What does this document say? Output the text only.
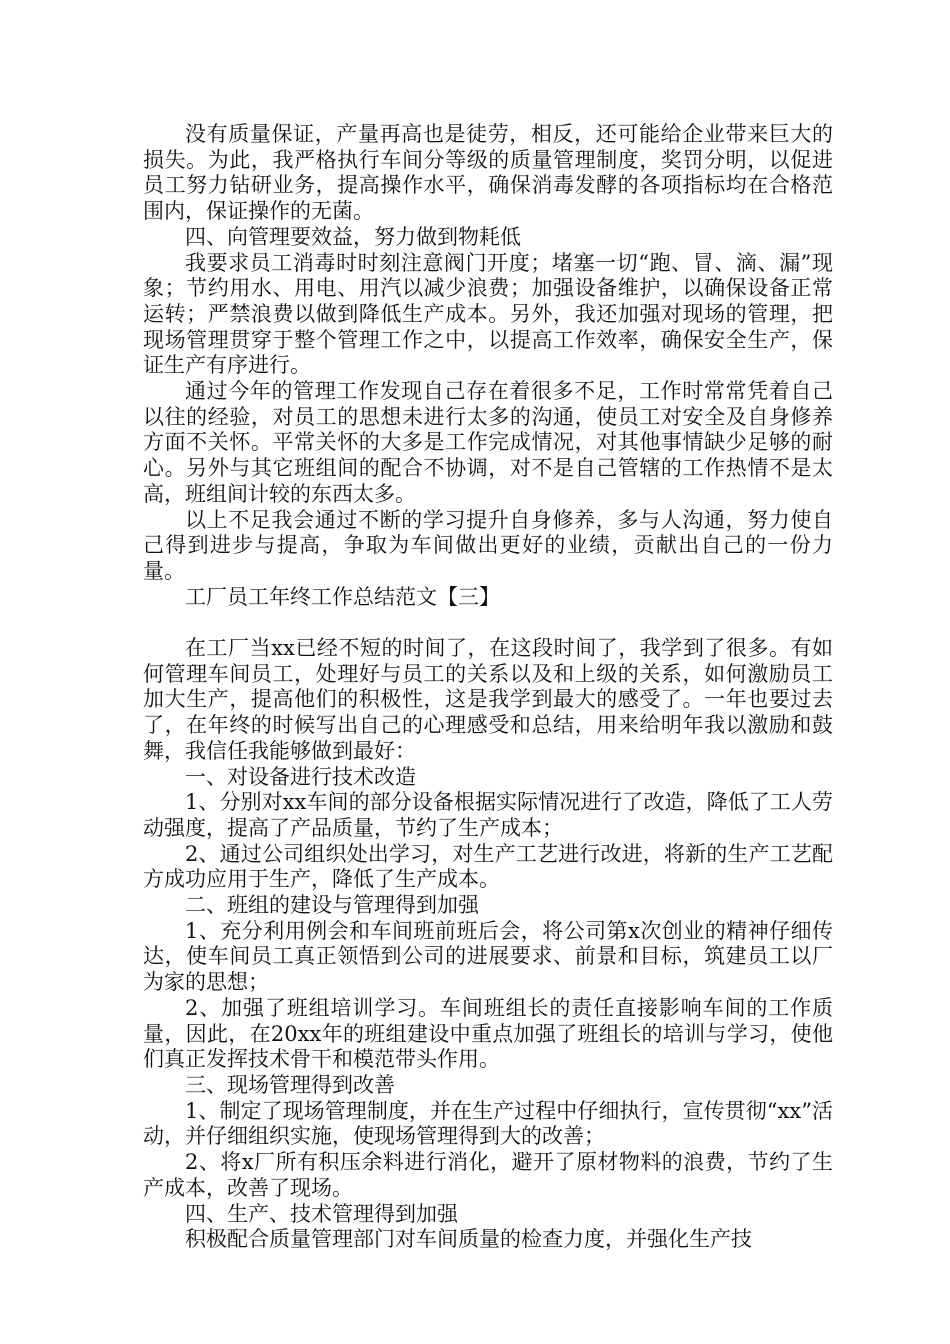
没有质量保证，产量再高也是徒劳，相反，还可能给企业带来巨大的损失。为此，我严格执行车间分等级的质量管理制度，奖罚分明，以促进员工努力钻研业务，提高操作水平，确保消毒发酵的各项指标均在合格范围内，保证操作的无菌。

四、向管理要效益，努力做到物耗低

我要求员工消毒时时刻注意阀门开度；堵塞一切“跑、冒、滴、漏”现象；节约用水、用电、用汽以减少浪费；加强设备维护，以确保设备正常运转；严禁浪费以做到降低生产成本。另外，我还加强对现场的管理，把现场管理贯穿于整个管理工作之中，以提高工作效率，确保安全生产，保证生产有序进行。

通过今年的管理工作发现自己存在着很多不足，工作时常常凭着自己以往的经验，对员工的思想未进行太多的沟通，使员工对安全及自身修养方面不关怀。平常关怀的大多是工作完成情况，对其他事情缺少足够的耐心。另外与其它班组间的配合不协调，对不是自己管辖的工作热情不是太高，班组间计较的东西太多。

以上不足我会通过不断的学习提升自身修养，多与人沟通，努力使自己得到进步与提高，争取为车间做出更好的业绩，贡献出自己的一份力量。

工厂员工年终工作总结范文【三】

在工厂当xx已经不短的时间了，在这段时间了，我学到了很多。有如何管理车间员工，处理好与员工的关系以及和上级的关系，如何激励员工加大生产，提高他们的积极性，这是我学到最大的感受了。一年也要过去了，在年终的时候写出自己的心理感受和总结，用来给明年我以激励和鼓舞，我信任我能够做到最好：

一、对设备进行技术改造

1、分别对xx车间的部分设备根据实际情况进行了改造，降低了工人劳动强度，提高了产品质量，节约了生产成本；

2、通过公司组织处出学习，对生产工艺进行改进，将新的生产工艺配方成功应用于生产，降低了生产成本。

二、班组的建设与管理得到加强

1、充分利用例会和车间班前班后会，将公司第x次创业的精神仔细传达，使车间员工真正领悟到公司的进展要求、前景和目标，筑建员工以厂为家的思想；

2、加强了班组培训学习。车间班组长的责任直接影响车间的工作质量，因此，在20xx年的班组建设中重点加强了班组长的培训与学习，使他们真正发挥技术骨干和模范带头作用。

三、现场管理得到改善

1、制定了现场管理制度，并在生产过程中仔细执行，宣传贯彻“xx”活动，并仔细组织实施，使现场管理得到大的改善；

2、将x厂所有积压余料进行消化，避开了原材物料的浪费，节约了生产成本，改善了现场。

四、生产、技术管理得到加强

积极配合质量管理部门对车间质量的检查力度，并强化生产技
